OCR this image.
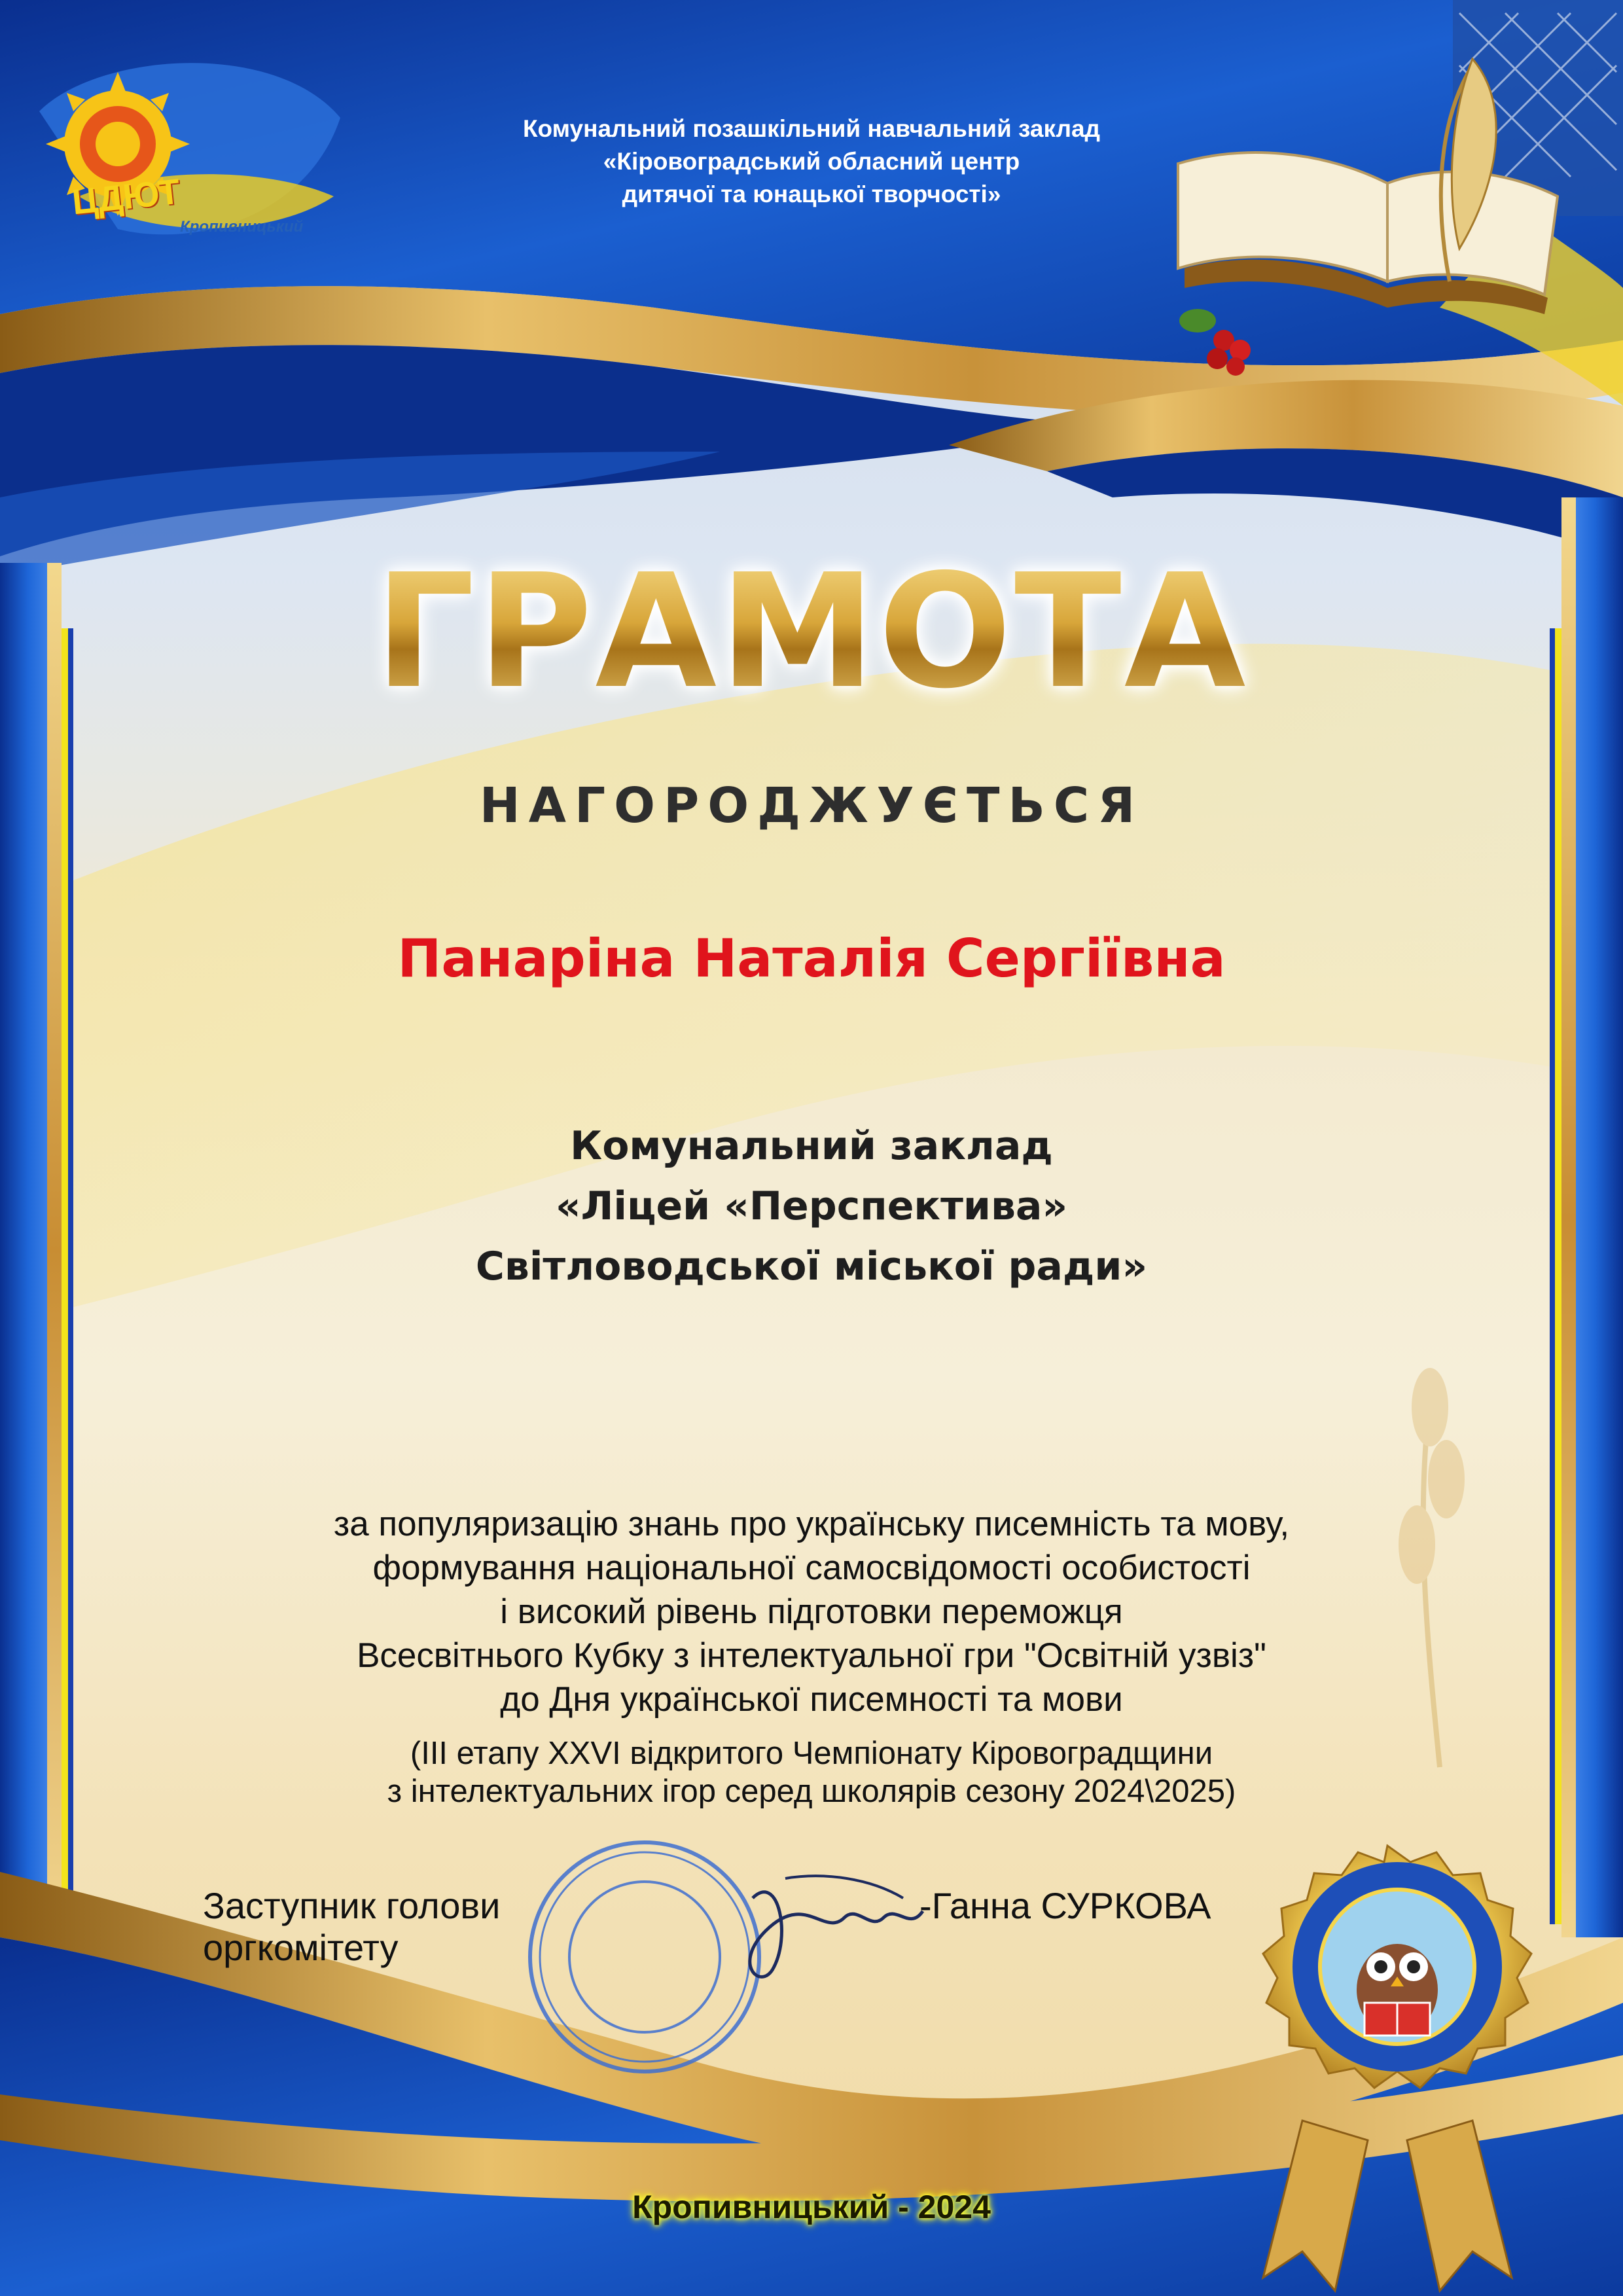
ЦДЮТ
Кропивницький
Комунальний позашкільний навчальний заклад
«Кіровоградський обласний центр
дитячої та юнацької творчості»
ГРАМОТА
НАГОРОДЖУЄТЬСЯ
Панаріна Наталія Сергіївна
Комунальний заклад
«Ліцей «Перспектива»
Світловодської міської ради»
за популяризацію знань про українську писемність та мову,
формування національної самосвідомості особистості
і високий рівень підготовки переможця
Всесвітнього Кубку з інтелектуальної гри "Освітній узвіз"
до Дня української писемності та мови
(ІІІ етапу XXVІ відкритого Чемпіонату Кіровоградщини
з інтелектуальних ігор серед школярів сезону 2024\2025)
Заступник голови
оргкомітету
-Ганна СУРКОВА
Кропивницький - 2024
